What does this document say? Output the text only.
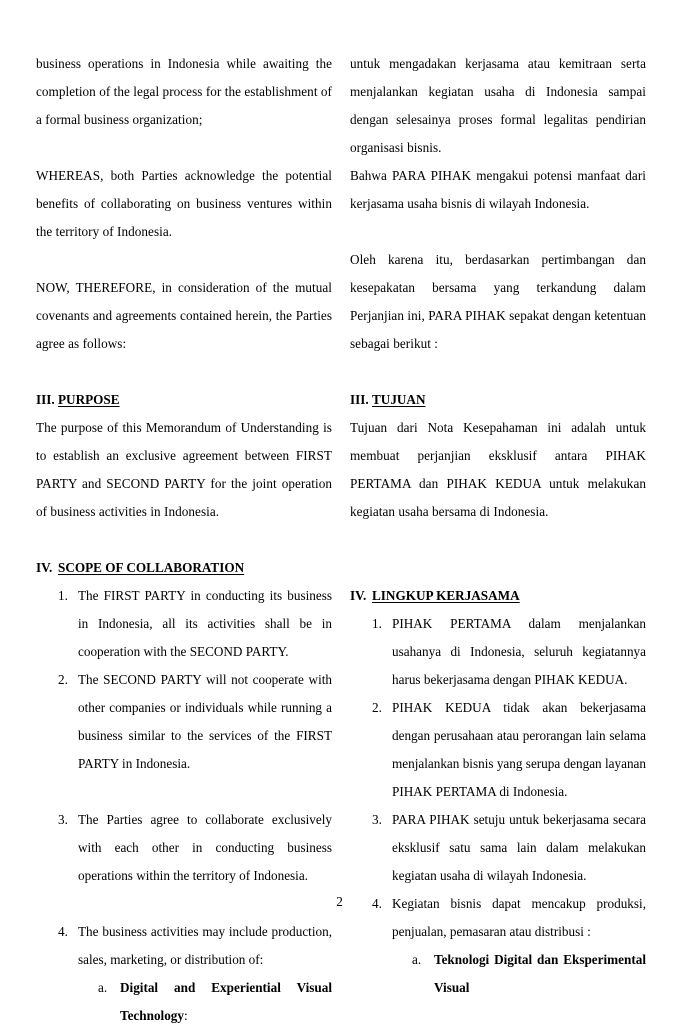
business operations in Indonesia while awaiting the completion of the legal process for the establishment of a formal business organization;

WHEREAS, both Parties acknowledge the potential benefits of collaborating on business ventures within the territory of Indonesia.

NOW, THEREFORE, in consideration of the mutual covenants and agreements contained herein, the Parties agree as follows:

III. PURPOSE

The purpose of this Memorandum of Understanding is to establish an exclusive agreement between FIRST PARTY and SECOND PARTY for the joint operation of business activities in Indonesia.

IV. SCOPE OF COLLABORATION
1. The FIRST PARTY in conducting its business in Indonesia, all its activities shall be in cooperation with the SECOND PARTY.
2. The SECOND PARTY will not cooperate with other companies or individuals while running a business similar to the services of the FIRST PARTY in Indonesia.
3. The Parties agree to collaborate exclusively with each other in conducting business operations within the territory of Indonesia.
4. The business activities may include production, sales, marketing, or distribution of:
a. Digital and Experiential Visual Technology:

untuk mengadakan kerjasama atau kemitraan serta menjalankan kegiatan usaha di Indonesia sampai dengan selesainya proses formal legalitas pendirian organisasi bisnis.

Bahwa PARA PIHAK mengakui potensi manfaat dari kerjasama usaha bisnis di wilayah Indonesia.

Oleh karena itu, berdasarkan pertimbangan dan kesepakatan bersama yang terkandung dalam Perjanjian ini, PARA PIHAK sepakat dengan ketentuan sebagai berikut :

III. TUJUAN

Tujuan dari Nota Kesepahaman ini adalah untuk membuat perjanjian eksklusif antara PIHAK PERTAMA dan PIHAK KEDUA untuk melakukan kegiatan usaha bersama di Indonesia.

IV. LINGKUP KERJASAMA
1. PIHAK PERTAMA dalam menjalankan usahanya di Indonesia, seluruh kegiatannya harus bekerjasama dengan PIHAK KEDUA.
2. PIHAK KEDUA tidak akan bekerjasama dengan perusahaan atau perorangan lain selama menjalankan bisnis yang serupa dengan layanan PIHAK PERTAMA di Indonesia.
3. PARA PIHAK setuju untuk bekerjasama secara eksklusif satu sama lain dalam melakukan kegiatan usaha di wilayah Indonesia.
4. Kegiatan bisnis dapat mencakup produksi, penjualan, pemasaran atau distribusi :
a. Teknologi Digital dan Eksperimental Visual
2
